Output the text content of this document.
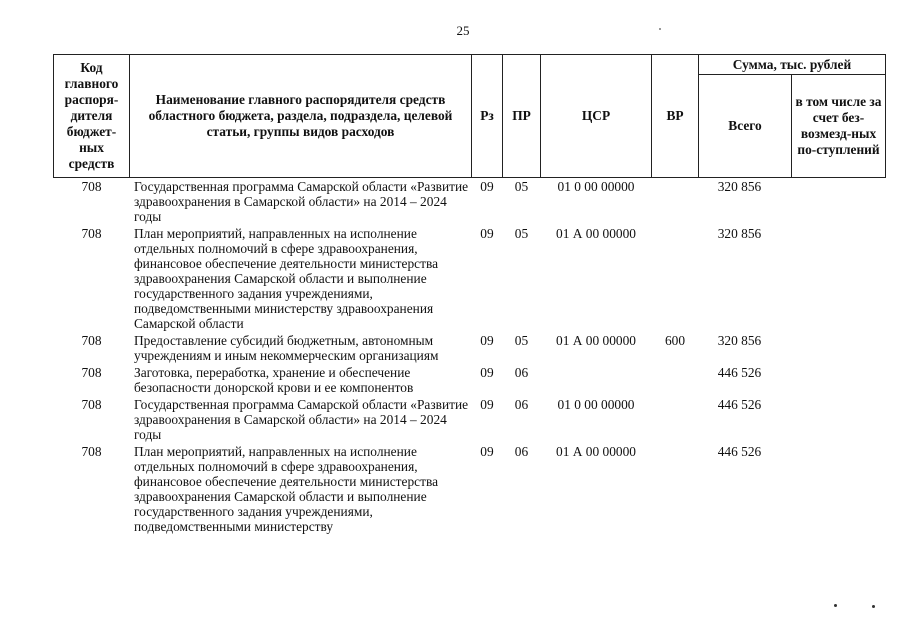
25
Код главного распоря-дителя бюджет-ных средств	Наименование главного распорядителя средств областного бюджета, раздела, подраздела, целевой статьи, группы видов расходов	Рз	ПР	ЦСР	ВР	Сумма, тыс. рублей	
						Всего	в том числе за счет без-возмезд-ных по-ступлений
708	Государственная программа Самарской области «Развитие здравоохранения в Самарской области» на 2014 – 2024 годы	09	05	01 0 00 00000		320 856	
708	План мероприятий, направленных на исполнение отдельных полномочий в сфере здравоохранения, финансовое обеспечение деятельности министерства здравоохранения Самарской области и выполнение государственного задания учреждениями, подведомственными министерству здравоохранения Самарской области	09	05	01 А 00 00000		320 856	
708	Предоставление субсидий бюджетным, автономным учреждениям и иным некоммерческим организациям	09	05	01 А 00 00000	600	320 856	
708	Заготовка, переработка, хранение и обеспечение безопасности донорской крови и ее компонентов	09	06			446 526	
708	Государственная программа Самарской области «Развитие здравоохранения в Самарской области» на 2014 – 2024 годы	09	06	01 0 00 00000		446 526	
708	План мероприятий, направленных на исполнение отдельных полномочий в сфере здравоохранения, финансовое обеспечение деятельности министерства здравоохранения Самарской области и выполнение государственного задания учреждениями, подведомственными министерству	09	06	01 А 00 00000		446 526	
